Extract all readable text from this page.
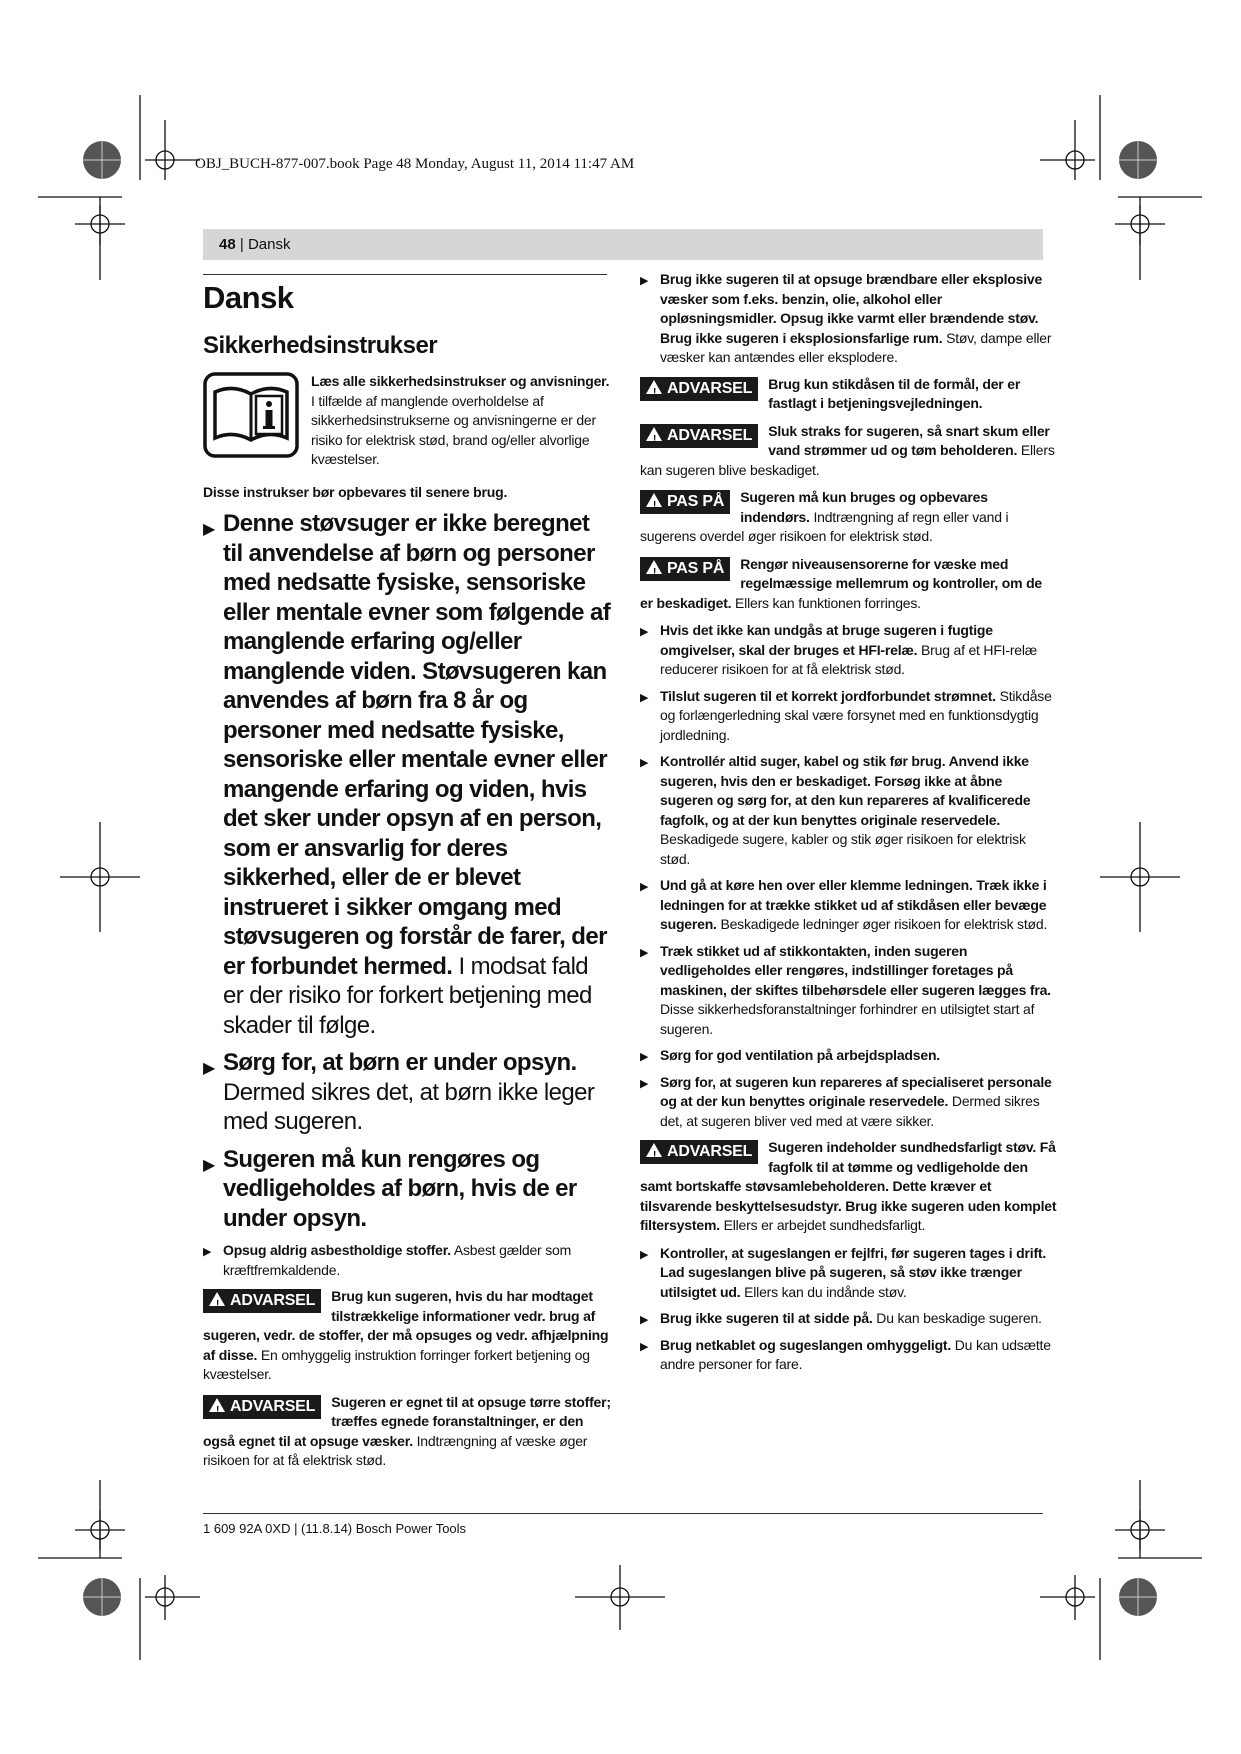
OBJ_BUCH-877-007.book Page 48 Monday, August 11, 2014 11:47 AM
48 | Dansk
Dansk
Sikkerhedsinstrukser

Læs alle sikkerhedsinstrukser og anvisninger. I tilfælde af manglende overholdelse af sikkerhedsinstrukserne og anvisningerne er der risiko for elektrisk stød, brand og/eller alvorlige kvæstelser.

Disse instrukser bør opbevares til senere brug.

▶ Denne støvsuger er ikke beregnet til anvendelse af børn og personer med nedsatte fysiske, sensoriske eller mentale evner som følgende af manglende erfaring og/eller manglende viden. Støvsugeren kan anvendes af børn fra 8 år og personer med nedsatte fysiske, sensoriske eller mentale evner eller mangende erfaring og viden, hvis det sker under opsyn af en person, som er ansvarlig for deres sikkerhed, eller de er blevet instrueret i sikker omgang med støvsugeren og forstår de farer, der er forbundet hermed. I modsat fald er der risiko for forkert betjening med skader til følge.
▶ Sørg for, at børn er under opsyn. Dermed sikres det, at børn ikke leger med sugeren.
▶ Sugeren må kun rengøres og vedligeholdes af børn, hvis de er under opsyn.
▶ Opsug aldrig asbestholdige stoffer. Asbest gælder som kræftfremkaldende.
! ADVARSEL	Brug kun sugeren, hvis du har modtaget tilstrækkelige informationer vedr. brug af sugeren, vedr. de stoffer, der må opsuges og vedr. afhjælpning af disse. En omhyggelig instruktion forringer forkert betjening og kvæstelser.
! ADVARSEL	Sugeren er egnet til at opsuge tørre stoffer; træffes egnede foranstaltninger, er den også egnet til at opsuge væsker. Indtrængning af væske øger risikoen for at få elektrisk stød.
▶ Brug ikke sugeren til at opsuge brændbare eller eksplosive væsker som f.eks. benzin, olie, alkohol eller opløsningsmidler. Opsug ikke varmt eller brændende støv. Brug ikke sugeren i eksplosionsfarlige rum. Støv, dampe eller væsker kan antændes eller eksplodere.
! ADVARSEL	Brug kun stikdåsen til de formål, der er fastlagt i betjeningsvejledningen.
! ADVARSEL	Sluk straks for sugeren, så snart skum eller vand strømmer ud og tøm beholderen. Ellers kan sugeren blive beskadiget.
! PAS PÅ	Sugeren må kun bruges og opbevares indendørs. Indtrængning af regn eller vand i sugerens overdel øger risikoen for elektrisk stød.
! PAS PÅ	Rengør niveausensorerne for væske med regelmæssige mellemrum og kontroller, om de er beskadiget. Ellers kan funktionen forringes.
▶ Hvis det ikke kan undgås at bruge sugeren i fugtige omgivelser, skal der bruges et HFI-relæ. Brug af et HFI-relæ reducerer risikoen for at få elektrisk stød.
▶ Tilslut sugeren til et korrekt jordforbundet strømnet. Stikdåse og forlængerledning skal være forsynet med en funktionsdygtig jordledning.
▶ Kontrollér altid suger, kabel og stik før brug. Anvend ikke sugeren, hvis den er beskadiget. Forsøg ikke at åbne sugeren og sørg for, at den kun repareres af kvalificerede fagfolk, og at der kun benyttes originale reservedele. Beskadigede sugere, kabler og stik øger risikoen for elektrisk stød.
▶ Und gå at køre hen over eller klemme ledningen. Træk ikke i ledningen for at trække stikket ud af stikdåsen eller bevæge sugeren. Beskadigede ledninger øger risikoen for elektrisk stød.
▶ Træk stikket ud af stikkontakten, inden sugeren vedligeholdes eller rengøres, indstillinger foretages på maskinen, der skiftes tilbehørsdele eller sugeren lægges fra. Disse sikkerhedsforanstaltninger forhindrer en utilsigtet start af sugeren.
▶ Sørg for god ventilation på arbejdspladsen.
▶ Sørg for, at sugeren kun repareres af specialiseret personale og at der kun benyttes originale reservedele. Dermed sikres det, at sugeren bliver ved med at være sikker.
! ADVARSEL	Sugeren indeholder sundhedsfarligt støv. Få fagfolk til at tømme og vedligeholde den samt bortskaffe støvsamlebeholderen. Dette kræver et tilsvarende beskyttelsesudstyr. Brug ikke sugeren uden komplet filtersystem. Ellers er arbejdet sundhedsfarligt.
▶ Kontroller, at sugeslangen er fejlfri, før sugeren tages i drift. Lad sugeslangen blive på sugeren, så støv ikke trænger utilsigtet ud. Ellers kan du indånde støv.
▶ Brug ikke sugeren til at sidde på. Du kan beskadige sugeren.
▶ Brug netkablet og sugeslangen omhyggeligt. Du kan udsætte andre personer for fare.
1 609 92A 0XD | (11.8.14) Bosch Power Tools
